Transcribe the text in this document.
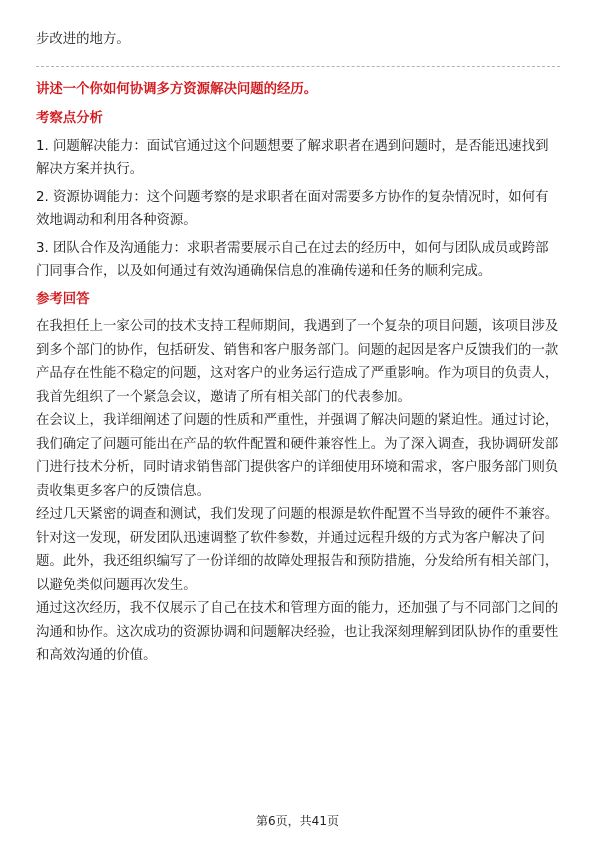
步改进的地方。

讲述一个你如何协调多方资源解决问题的经历。

考察点分析

1. 问题解决能力：面试官通过这个问题想要了解求职者在遇到问题时，是否能迅速找到解决方案并执行。

2. 资源协调能力：这个问题考察的是求职者在面对需要多方协作的复杂情况时，如何有效地调动和利用各种资源。

3. 团队合作及沟通能力：求职者需要展示自己在过去的经历中，如何与团队成员或跨部门同事合作，以及如何通过有效沟通确保信息的准确传递和任务的顺利完成。

参考回答

在我担任上一家公司的技术支持工程师期间，我遇到了一个复杂的项目问题，该项目涉及到多个部门的协作，包括研发、销售和客户服务部门。问题的起因是客户反馈我们的一款产品存在性能不稳定的问题，这对客户的业务运行造成了严重影响。作为项目的负责人，我首先组织了一个紧急会议，邀请了所有相关部门的代表参加。

在会议上，我详细阐述了问题的性质和严重性，并强调了解决问题的紧迫性。通过讨论，我们确定了问题可能出在产品的软件配置和硬件兼容性上。为了深入调查，我协调研发部门进行技术分析，同时请求销售部门提供客户的详细使用环境和需求，客户服务部门则负责收集更多客户的反馈信息。

经过几天紧密的调查和测试，我们发现了问题的根源是软件配置不当导致的硬件不兼容。针对这一发现，研发团队迅速调整了软件参数，并通过远程升级的方式为客户解决了问题。此外，我还组织编写了一份详细的故障处理报告和预防措施，分发给所有相关部门，以避免类似问题再次发生。

通过这次经历，我不仅展示了自己在技术和管理方面的能力，还加强了与不同部门之间的沟通和协作。这次成功的资源协调和问题解决经验，也让我深刻理解到团队协作的重要性和高效沟通的价值。

第6页，共41页
